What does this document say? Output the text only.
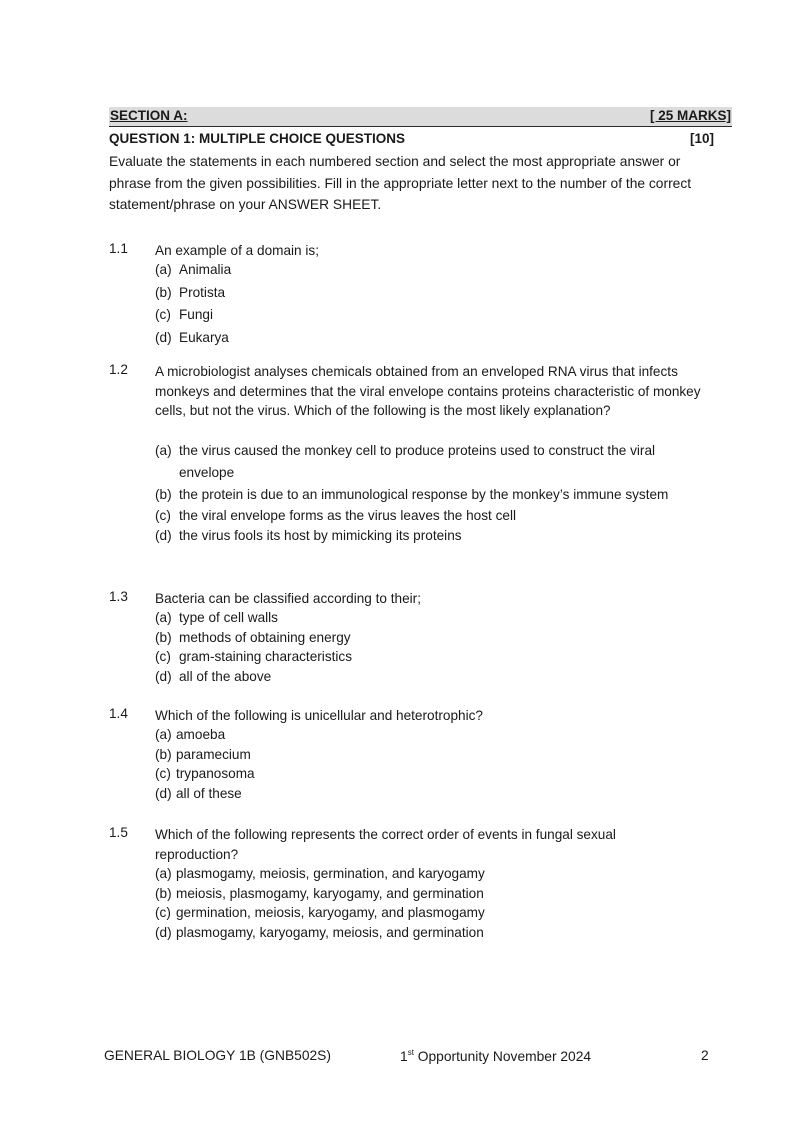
SECTION A:	[ 25 MARKS]
QUESTION 1: MULTIPLE CHOICE QUESTIONS	[10]
Evaluate the statements in each numbered section and select the most appropriate answer or phrase from the given possibilities. Fill in the appropriate letter next to the number of the correct statement/phrase on your ANSWER SHEET.
1.1 An example of a domain is;
(a) Animalia
(b) Protista
(c) Fungi
(d) Eukarya
1.2 A microbiologist analyses chemicals obtained from an enveloped RNA virus that infects monkeys and determines that the viral envelope contains proteins characteristic of monkey cells, but not the virus. Which of the following is the most likely explanation?
(a) the virus caused the monkey cell to produce proteins used to construct the viral envelope
(b) the protein is due to an immunological response by the monkey’s immune system
(c) the viral envelope forms as the virus leaves the host cell
(d) the virus fools its host by mimicking its proteins
1.3 Bacteria can be classified according to their;
(a) type of cell walls
(b) methods of obtaining energy
(c) gram-staining characteristics
(d) all of the above
1.4 Which of the following is unicellular and heterotrophic?
(a) amoeba
(b) paramecium
(c) trypanosoma
(d) all of these
1.5 Which of the following represents the correct order of events in fungal sexual reproduction?
(a) plasmogamy, meiosis, germination, and karyogamy
(b) meiosis, plasmogamy, karyogamy, and germination
(c) germination, meiosis, karyogamy, and plasmogamy
(d) plasmogamy, karyogamy, meiosis, and germination
GENERAL BIOLOGY 1B (GNB502S)	1st Opportunity November 2024	2
